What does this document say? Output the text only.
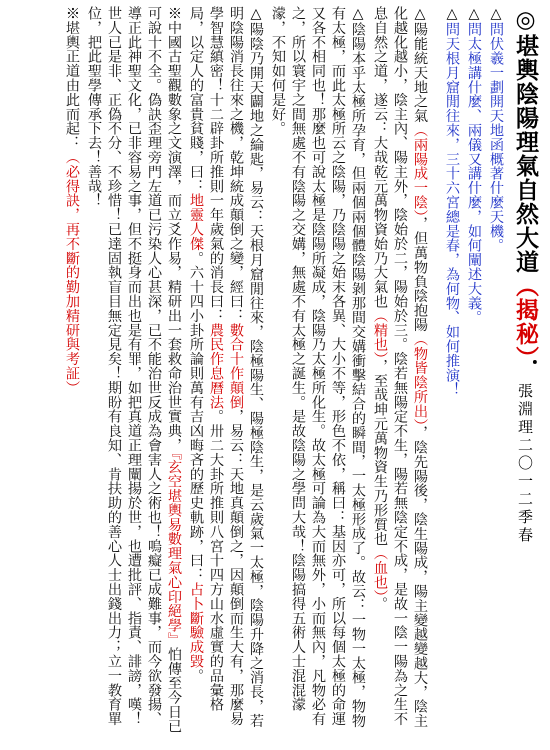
◎堪輿陰陽理氣自然大道（揭秘）．張淵理二〇一二季春
△問伏羲一劃開天地函概著什麼天機。
△問太極講什麼、兩儀又講什麼，如何闡述大義。
△問天根月窟閒往來，三十六宮總是春，為何物、如何推演！
△陽能統天地之氣（兩陽成一陰），但萬物負陰抱陽（物皆陰所出），陰先陽後，陰生陽成，陽主變越變越大，陰主化越化越小，陰主內、陽主外，陰始於二，陽始於三。陰若無陽定不生，陽若無陰定不成，是故一陰一陽為之生不息自然之道，遂云：大哉乾元萬物資始乃大氣也（精也），至哉坤元萬物資生乃形質也（血也）。
△陰陽本乎太極所孕育，但兩個兩個體陰陽剝那間交媾衝擊結合的瞬間，一太極形成了。故云：一物一太極，物物有太極，而此太極所云之陰陽，乃陰陽之始末各異、大小不等，形色不依，稱曰：基因亦可，所以每個太極的命運又各不相同也！那麼也可說太極是陰陽所凝成，陰陽乃太極所化生。故太極可論為大而無外，小而無內，凡物必有之，所以寰宇之間無處不有陰陽之交媾，無處不有太極之誕生。是故陰陽之學問大哉！陰陽搞得五術人士混混濛濛，不知如何是好。
△陽陰乃開天闢地之綸匙，易云：天根月窟閒往來，陰極陽生、陽極陰生，是云歲氣一太極，陰陽升降之消長，若明陰陽消長往來之機，乾坤統成顛倒之變，經曰：數合十作顛倒，易云：天地真顛倒之，因顛倒而生大有，那麼易學智慧縝密！十二辟卦所推則一年歲氣的消長曰：農民作息曆法。卅二大卦所推則八宮十四方山水虛實的品彙格局，以定人的富貴貧賤，曰：地靈人傑。六十四小卦所論則萬有吉凶晦吝的歷史軌跡，曰：占卜斷驗成毀。
※中國古聖觀數象之文演澤，而立爻作易，精研出一套救命治世實典，『玄空堪輿易數理氣心印絕學』怕傳至今日已可說十不全。偽訣歪理旁門左道已污染人心甚深，已不能治世反成為會害人之術也！嗚癡已成難事，而今欲發揚、導正此神聖文化，已非容易之事，但不挺身而出也是有罪，如把真道正理闡揚於世，也遭批評、指責、誹謗，嘆！世人已是非、正偽不分、不珍惜！已達固執盲目無定見矣！期盼有良知、肯扶助的善心人士出錢出力；立一教育單位，把此聖學傳承下去！善哉！
※堪輿正道由此而起：（必得訣，再不斷的勤加精研與考証）
